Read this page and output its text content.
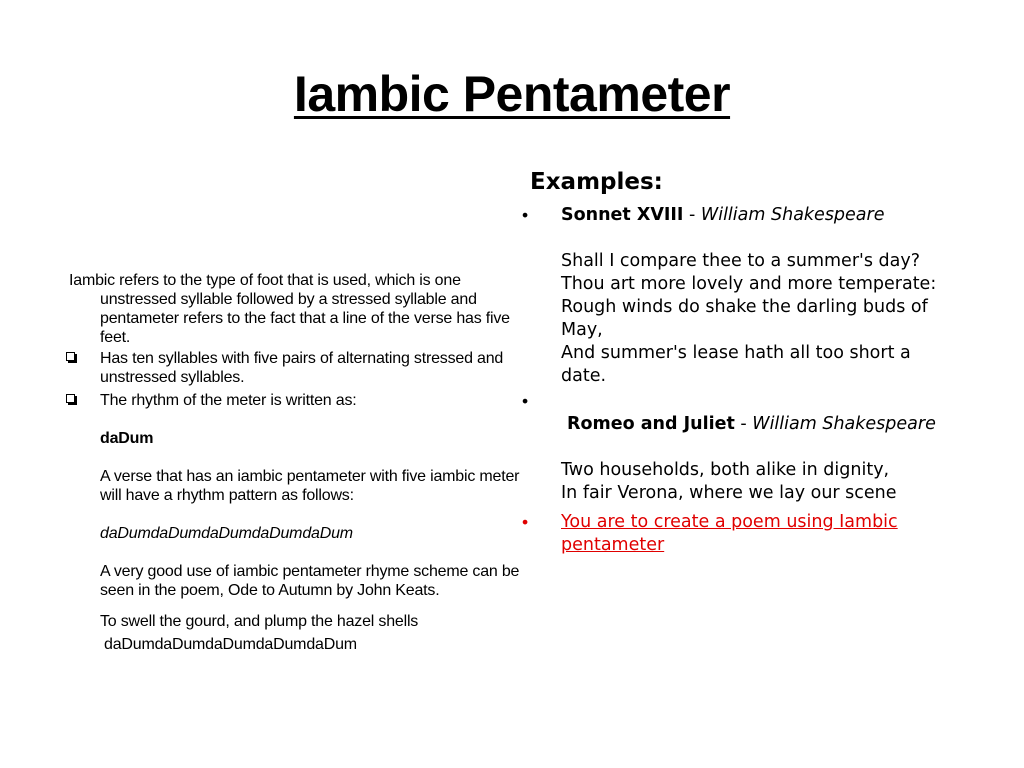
Iambic Pentameter

Iambic refers to the type of foot that is used, which is one unstressed syllable followed by a stressed syllable and pentameter refers to the fact that a line of the verse has five feet.

Has ten syllables with five pairs of alternating stressed and unstressed syllables.
The rhythm of the meter is written as:
daDum
A verse that has an iambic pentameter with five iambic meter will have a rhythm pattern as follows:
daDumdaDumdaDumdaDumdaDum
A very good use of iambic pentameter rhyme scheme can be seen in the poem, Ode to Autumn by John Keats.
To swell the gourd, and plump the hazel shells
daDumdaDumdaDumdaDumdaDum
Examples:
• Sonnet XVIII - William Shakespeare
Shall I compare thee to a summer's day?
Thou art more lovely and more temperate:
Rough winds do shake the darling buds of May,
And summer's lease hath all too short a date.
•
Romeo and Juliet - William Shakespeare
Two households, both alike in dignity,
In fair Verona, where we lay our scene
• You are to create a poem using Iambic pentameter
